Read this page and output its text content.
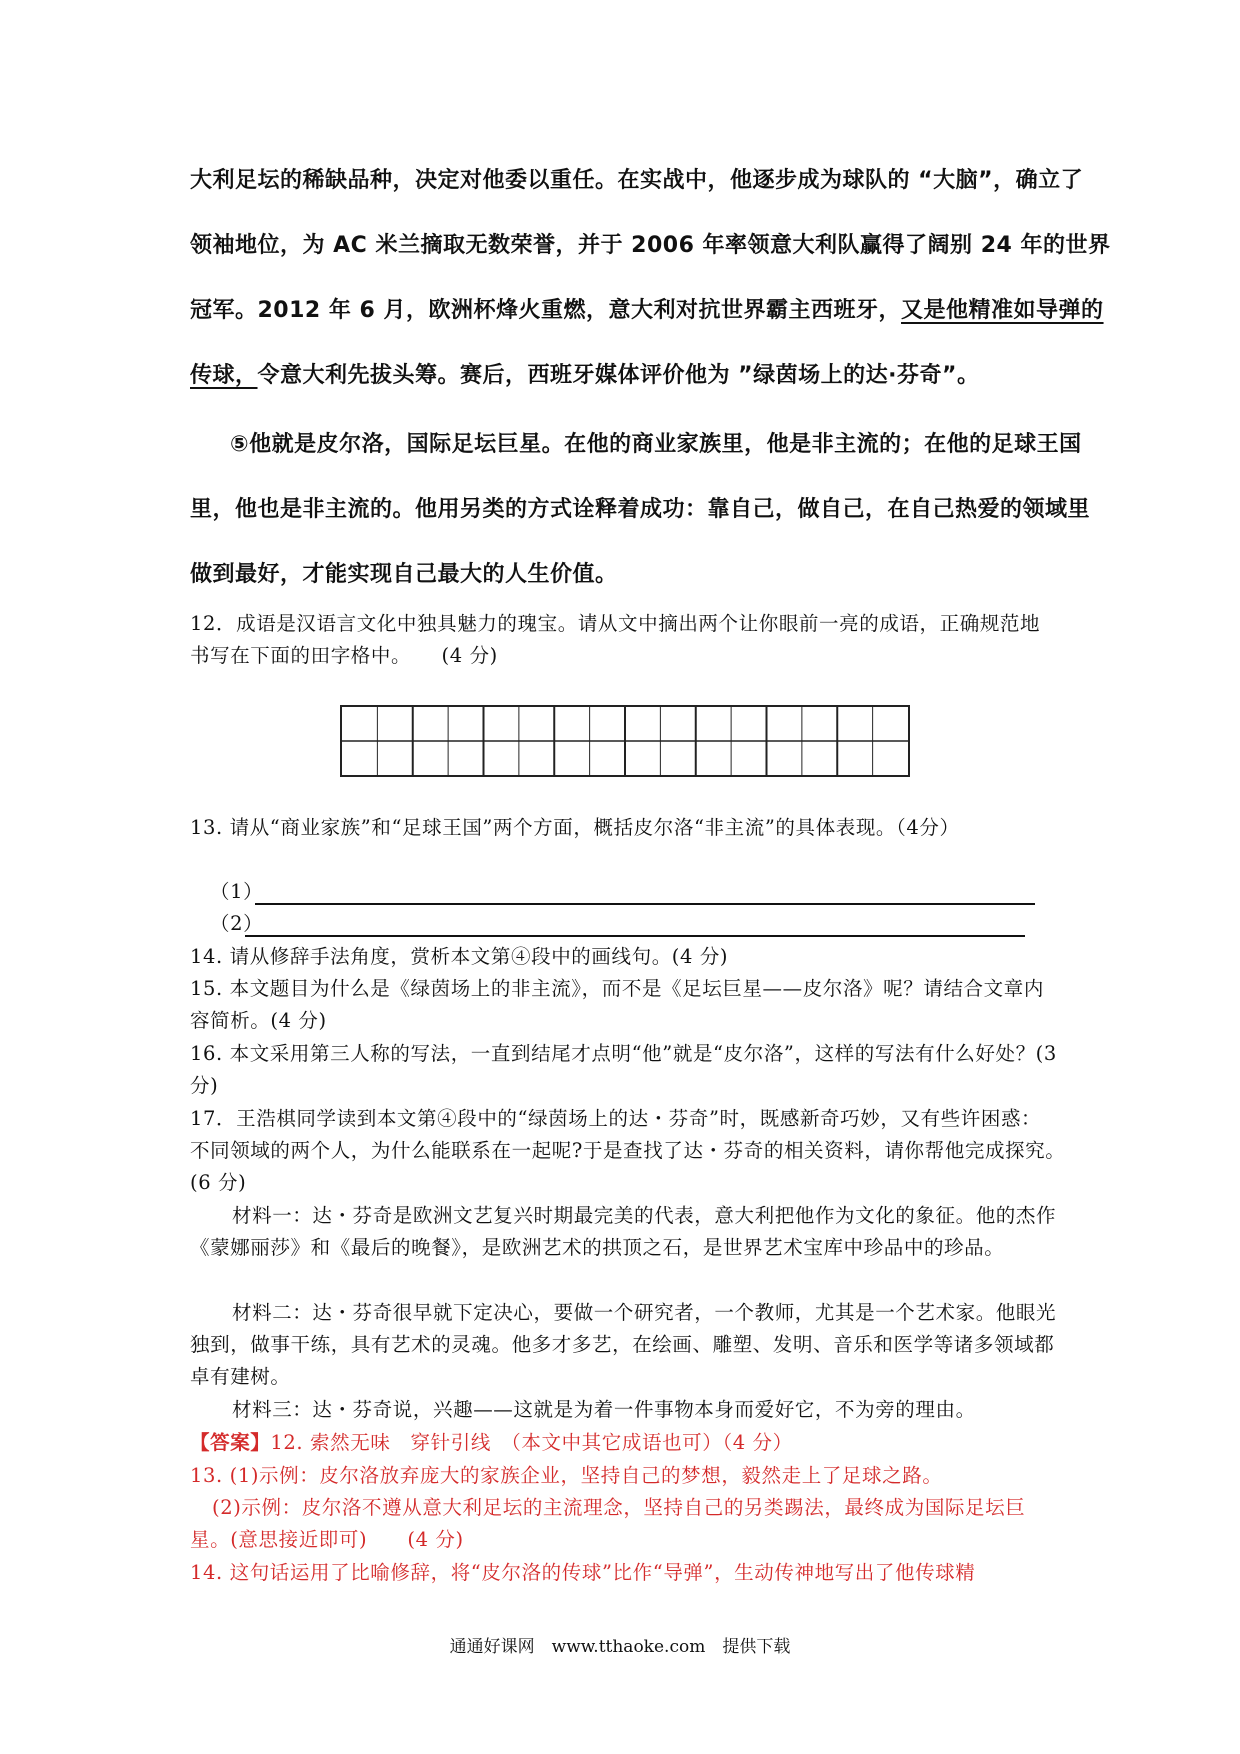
大利足坛的稀缺品种，决定对他委以重任。在实战中，他逐步成为球队的 “大脑”，确立了
领袖地位，为 AC 米兰摘取无数荣誉，并于 2006 年率领意大利队赢得了阔别 24 年的世界
冠军。2012 年 6 月，欧洲杯烽火重燃，意大利对抗世界霸主西班牙，又是他精准如导弹的
传球，令意大利先拔头筹。赛后，西班牙媒体评价他为 ”绿茵场上的达·芬奇”。
⑤他就是皮尔洛，国际足坛巨星。在他的商业家族里，他是非主流的；在他的足球王国
里，他也是非主流的。他用另类的方式诠释着成功：靠自己，做自己，在自己热爱的领域里
做到最好，才能实现自己最大的人生价值。
12．成语是汉语言文化中独具魅力的瑰宝。请从文中摘出两个让你眼前一亮的成语，正确规范地书写在下面的田字格中。　　(4 分)
13. 请从“商业家族”和“足球王国”两个方面，概括皮尔洛“非主流”的具体表现。（4分）
（1）
（2）
14. 请从修辞手法角度，赏析本文第④段中的画线句。(4 分)
15. 本文题目为什么是《绿茵场上的非主流》，而不是《足坛巨星——皮尔洛》呢？请结合文章内容简析。(4 分)
16. 本文采用第三人称的写法，一直到结尾才点明“他”就是“皮尔洛”，这样的写法有什么好处？(3 分)
17．王浩棋同学读到本文第④段中的“绿茵场上的达・芬奇”时，既感新奇巧妙，又有些许困惑：不同领域的两个人，为什么能联系在一起呢?于是查找了达・芬奇的相关资料，请你帮他完成探究。　　(6 分)
材料一：达・芬奇是欧洲文艺复兴时期最完美的代表，意大利把他作为文化的象征。他的杰作《蒙娜丽莎》和《最后的晚餐》，是欧洲艺术的拱顶之石，是世界艺术宝库中珍品中的珍品。
材料二：达・芬奇很早就下定决心，要做一个研究者，一个教师，尤其是一个艺术家。他眼光独到，做事干练，具有艺术的灵魂。他多才多艺，在绘画、雕塑、发明、音乐和医学等诸多领域都卓有建树。
材料三：达・芬奇说，兴趣——这就是为着一件事物本身而爱好它，不为旁的理由。
【答案】12. 索然无味　穿针引线　（本文中其它成语也可）（4 分）
13. (1)示例：皮尔洛放弃庞大的家族企业，坚持自己的梦想，毅然走上了足球之路。
(2)示例：皮尔洛不遵从意大利足坛的主流理念，坚持自己的另类踢法，最终成为国际足坛巨星。(意思接近即可)　　(4 分)
14. 这句话运用了比喻修辞，将“皮尔洛的传球”比作“导弹”，生动传神地写出了他传球精
通通好课网　www.tthaoke.com　提供下载
